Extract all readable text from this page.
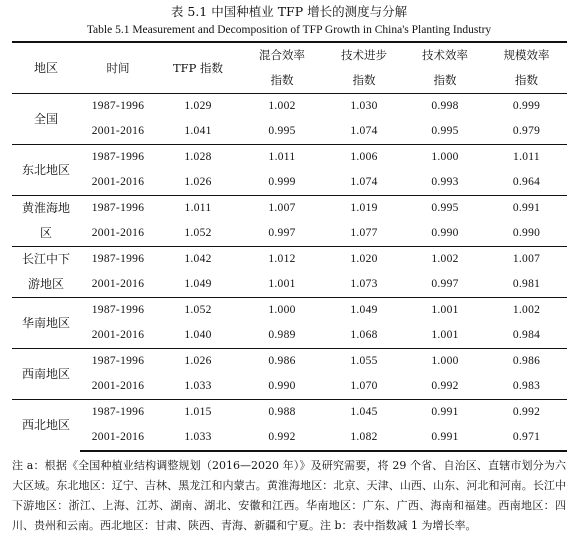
表 5.1 中国种植业 TFP 增长的测度与分解
Table 5.1 Measurement and Decomposition of TFP Growth in China's Planting Industry
地区	时间	TFP 指数	混合效率	技术进步	技术效率	规模效率
			指数	指数	指数	指数

全国	1987-1996	1.029	1.002	1.030	0.998	0.999
	2001-2016	1.041	0.995	1.074	0.995	0.979

东北地区	1987-1996	1.028	1.011	1.006	1.000	1.011
	2001-2016	1.026	0.999	1.074	0.993	0.964

黄淮海地
区	1987-1996	1.011	1.007	1.019	0.995	0.991
	2001-2016	1.052	0.997	1.077	0.990	0.990

长江中下
游地区	1987-1996	1.042	1.012	1.020	1.002	1.007
	2001-2016	1.049	1.001	1.073	0.997	0.981

华南地区	1987-1996	1.052	1.000	1.049	1.001	1.002
	2001-2016	1.040	0.989	1.068	1.001	0.984

西南地区	1987-1996	1.026	0.986	1.055	1.000	0.986
	2001-2016	1.033	0.990	1.070	0.992	0.983

西北地区	1987-1996	1.015	0.988	1.045	0.991	0.992
	2001-2016	1.033	0.992	1.082	0.991	0.971
注 a：根据《全国种植业结构调整规划（2016—2020 年）》及研究需要，将 29 个省、自治区、直辖市划分为六大区域。东北地区：辽宁、吉林、黑龙江和内蒙古。黄淮海地区：北京、天津、山西、山东、河北和河南。长江中下游地区：浙江、上海、江苏、湖南、湖北、安徽和江西。华南地区：广东、广西、海南和福建。西南地区：四川、贵州和云南。西北地区：甘肃、陕西、青海、新疆和宁夏。注 b：表中指数减 1 为增长率。
